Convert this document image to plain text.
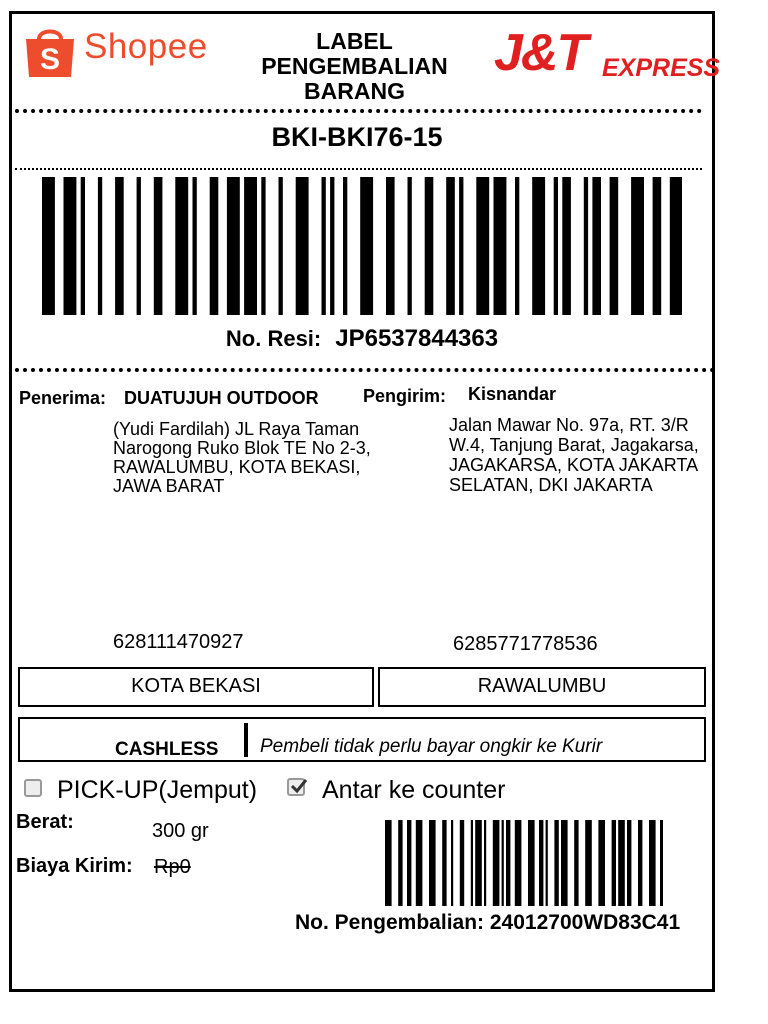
S Shopee	LABEL
PENGEMBALIAN
BARANG
J&T EXPRESS
BKI-BKI76-15
No. Resi: JP6537844363
Penerima: DUATUJUH OUTDOOR Pengirim: Kisnandar
(Yudi Fardilah) JL Raya Taman Narogong Ruko Blok TE No 2-3, RAWALUMBU, KOTA BEKASI, JAWA BARAT
Jalan Mawar No. 97a, RT. 3/RW.4, Tanjung Barat, Jagakarsa, JAGAKARSA, KOTA JAKARTA SELATAN, DKI JAKARTA
628111470927	6285771778536
KOTA BEKASI	RAWALUMBU
CASHLESS Pembeli tidak perlu bayar ongkir ke Kurir
PICK-UP(Jemput)	Antar ke counter
Berat:	300 gr
Biaya Kirim: Rp0
No. Pengembalian: 24012700WD83C41
